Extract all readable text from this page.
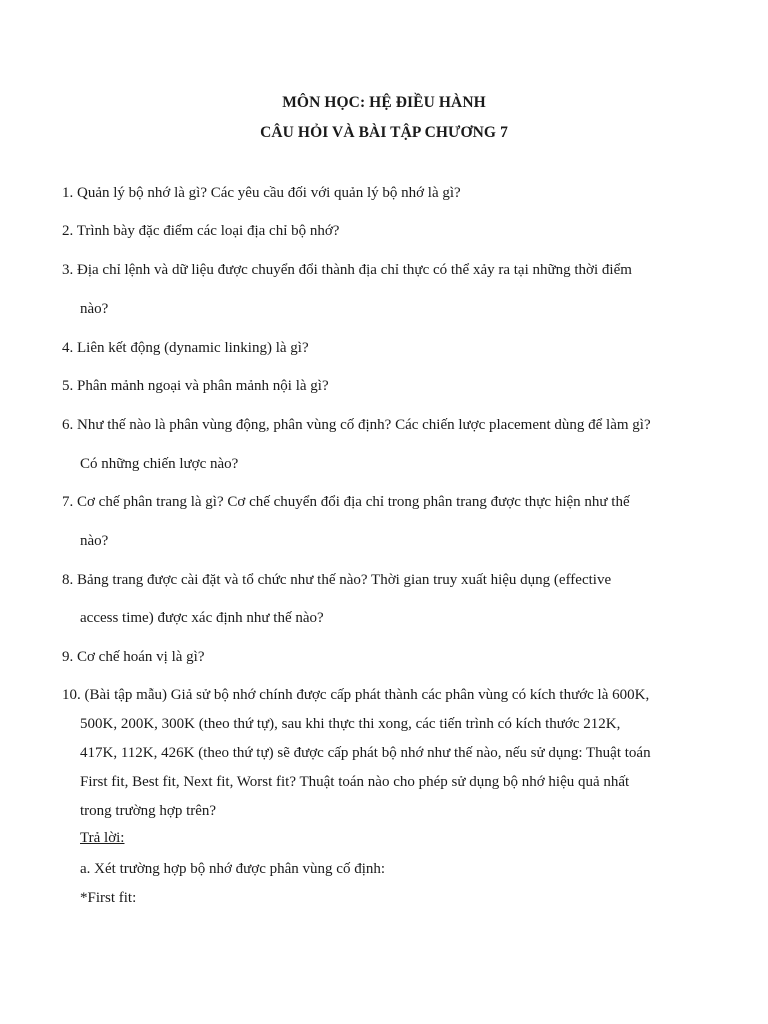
MÔN HỌC: HỆ ĐIỀU HÀNH
CÂU HỎI VÀ BÀI TẬP CHƯƠNG 7
1. Quản lý bộ nhớ là gì? Các yêu cầu đối với quản lý bộ nhớ là gì?
2. Trình bày đặc điểm các loại địa chỉ bộ nhớ?
3. Địa chỉ lệnh và dữ liệu được chuyển đổi thành địa chỉ thực có thể xảy ra tại những thời điểm
nào?
4. Liên kết động (dynamic linking) là gì?
5. Phân mảnh ngoại và phân mảnh nội là gì?
6. Như thế nào là phân vùng động, phân vùng cố định? Các chiến lược placement dùng để làm gì?
Có những chiến lược nào?
7. Cơ chế phân trang là gì? Cơ chế chuyển đổi địa chỉ trong phân trang được thực hiện như thế
nào?
8. Bảng trang được cài đặt và tổ chức như thế nào? Thời gian truy xuất hiệu dụng (effective
access time) được xác định như thế nào?
9. Cơ chế hoán vị là gì?
10. (Bài tập mẫu) Giả sử bộ nhớ chính được cấp phát thành các phân vùng có kích thước là 600K,
500K, 200K, 300K (theo thứ tự), sau khi thực thi xong, các tiến trình có kích thước 212K,
417K, 112K, 426K (theo thứ tự) sẽ được cấp phát bộ nhớ như thế nào, nếu sử dụng: Thuật toán
First fit, Best fit, Next fit, Worst fit? Thuật toán nào cho phép sử dụng bộ nhớ hiệu quả nhất
trong trường hợp trên?
Trả lời:
a. Xét trường hợp bộ nhớ được phân vùng cố định:
*First fit:
